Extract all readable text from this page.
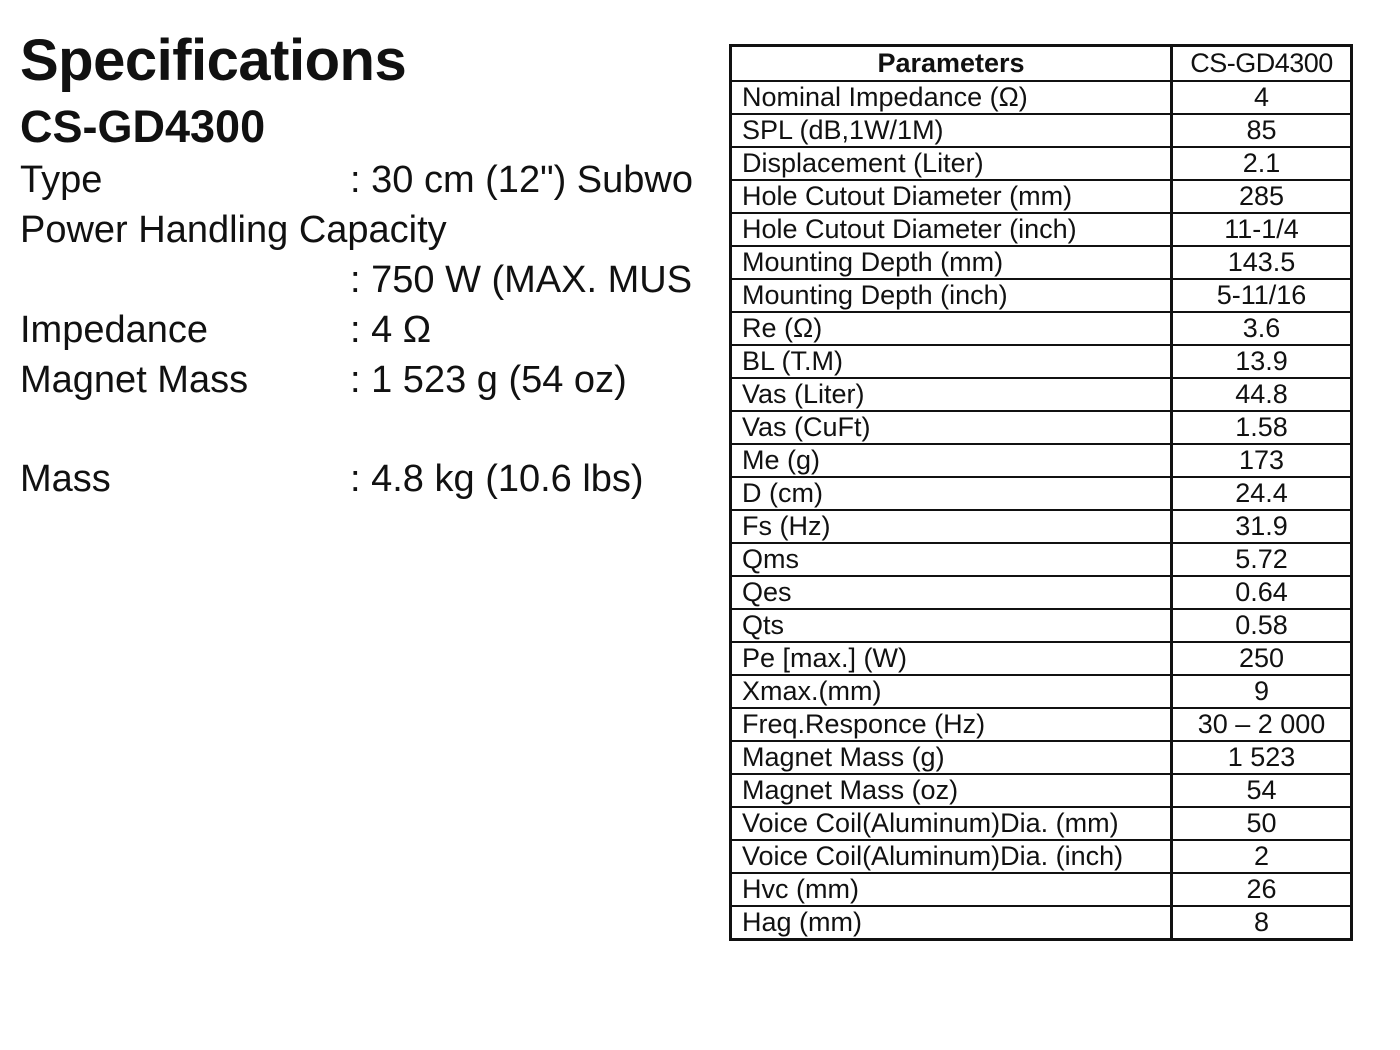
Specifications
CS-GD4300
Type	: 30 cm (12") Subwo
Power Handling Capacity
: 750 W (MAX. MUS
Impedance	: 4 Ω
Magnet Mass	: 1 523 g (54 oz)
Mass	: 4.8 kg (10.6 lbs)
Parameters	CS-GD4300
Nominal Impedance (Ω)	4
SPL (dB,1W/1M)	85
Displacement (Liter)	2.1
Hole Cutout Diameter (mm)	285
Hole Cutout Diameter (inch)	11-1/4
Mounting Depth (mm)	143.5
Mounting Depth (inch)	5-11/16
Re (Ω)	3.6
BL (T.M)	13.9
Vas (Liter)	44.8
Vas (CuFt)	1.58
Me (g)	173
D (cm)	24.4
Fs (Hz)	31.9
Qms	5.72
Qes	0.64
Qts	0.58
Pe [max.] (W)	250
Xmax.(mm)	9
Freq.Responce (Hz)	30 – 2 000
Magnet Mass (g)	1 523
Magnet Mass (oz)	54
Voice Coil(Aluminum)Dia. (mm)	50
Voice Coil(Aluminum)Dia. (inch)	2
Hvc (mm)	26
Hag (mm)	8
